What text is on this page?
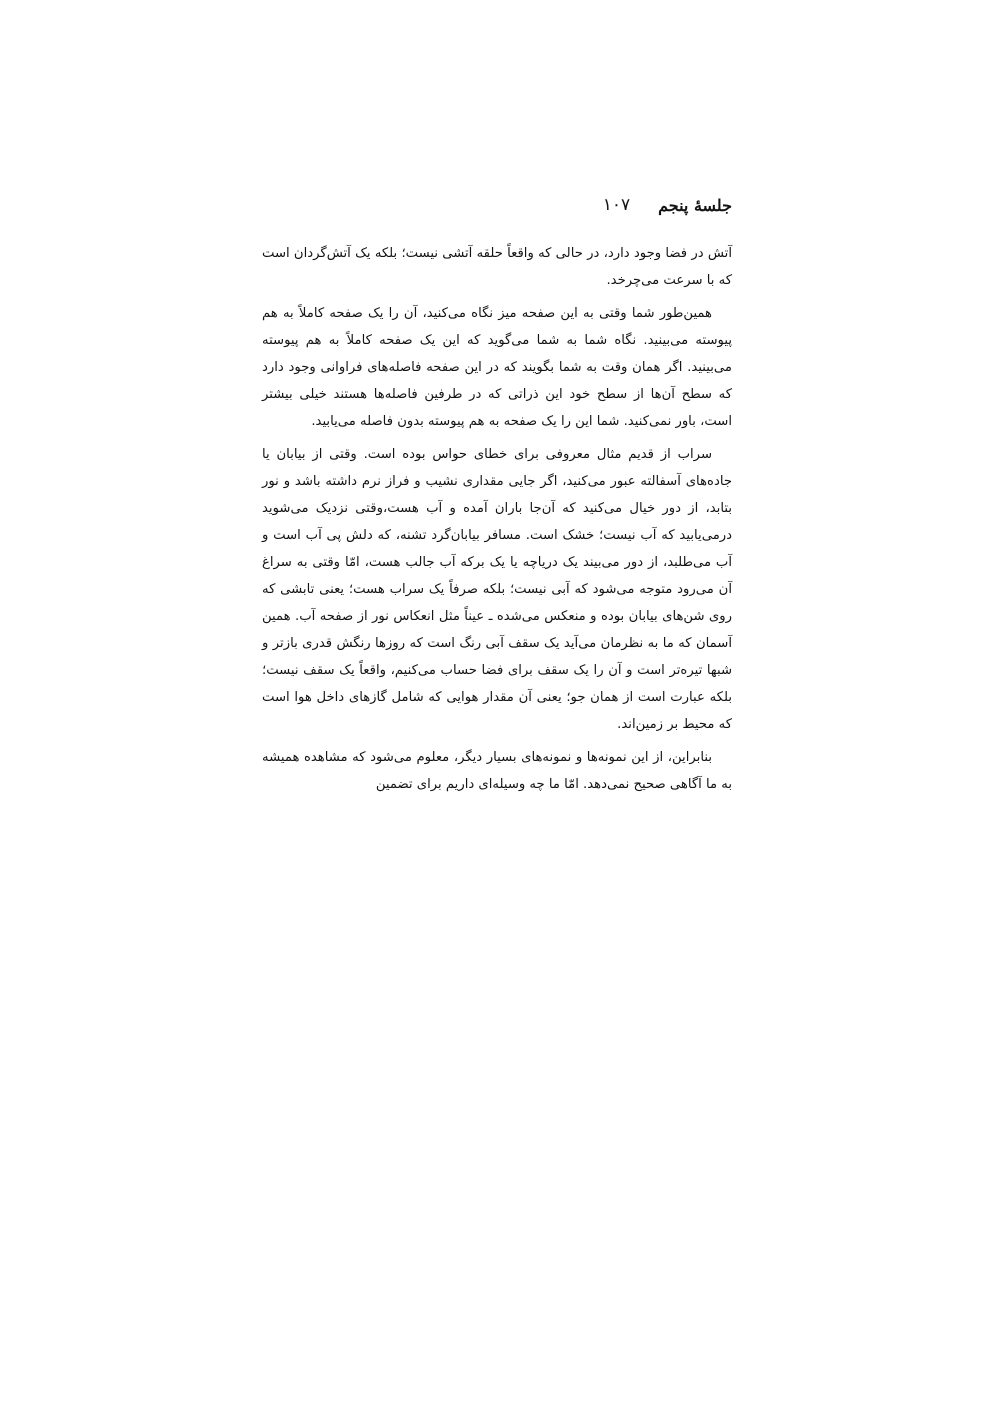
جلسهٔ پنجم
۱۰۷

آتش در فضا وجود دارد، در حالی که واقعاً حلقه آتشی نیست؛ بلکه یک آتش‌گردان است که با سرعت می‌چرخد.

همین‌طور شما وقتی به این صفحه میز نگاه می‌کنید، آن را یک صفحه کاملاً به هم پیوسته می‌بینید. نگاه شما به شما می‌گوید که این یک صفحه کاملاً به هم پیوسته می‌بینید. اگر همان وقت به شما بگویند که در این صفحه فاصله‌های فراوانی وجود دارد که سطح آن‌ها از سطح خود این ذراتی که در طرفین فاصله‌ها هستند خیلی بیشتر است، باور نمی‌کنید. شما این را یک صفحه به هم پیوسته بدون فاصله می‌یابید.

سراب از قدیم مثال معروفی برای خطای حواس بوده است. وقتی از بیابان یا جاده‌های آسفالته عبور می‌کنید، اگر جایی مقداری نشیب و فراز نرم داشته باشد و نور بتابد، از دور خیال می‌کنید که آن‌جا باران آمده و آب هست،وقتی نزدیک می‌شوید درمی‌یابید که آب نیست؛ خشک است. مسافر بیابان‌گرد تشنه، که دلش پی آب است و آب می‌طلبد، از دور می‌بیند یک دریاچه یا یک برکه آب جالب هست، امّا وقتی به سراغ آن می‌رود متوجه می‌شود که آبی نیست؛ بلکه صرفاً یک سراب هست؛ یعنی تابشی که روی شن‌های بیابان بوده و منعکس می‌شده ـ عیناً مثل انعکاس نور از صفحه آب. همین آسمان که ما به نظرمان می‌آید یک سقف آبی رنگ است که روزها رنگش قدری بازتر و شبها تیره‌تر است و آن را یک سقف برای فضا حساب می‌کنیم، واقعاً یک سقف نیست؛ بلکه عبارت است از همان جو؛ یعنی آن مقدار هوایی که شامل گازهای داخل هوا است که محیط بر زمین‌اند.

بنابراین، از این نمونه‌ها و نمونه‌های بسیار دیگر، معلوم می‌شود که مشاهده همیشه به ما آگاهی صحیح نمی‌دهد. امّا ما چه وسیله‌ای داریم برای تضمین
